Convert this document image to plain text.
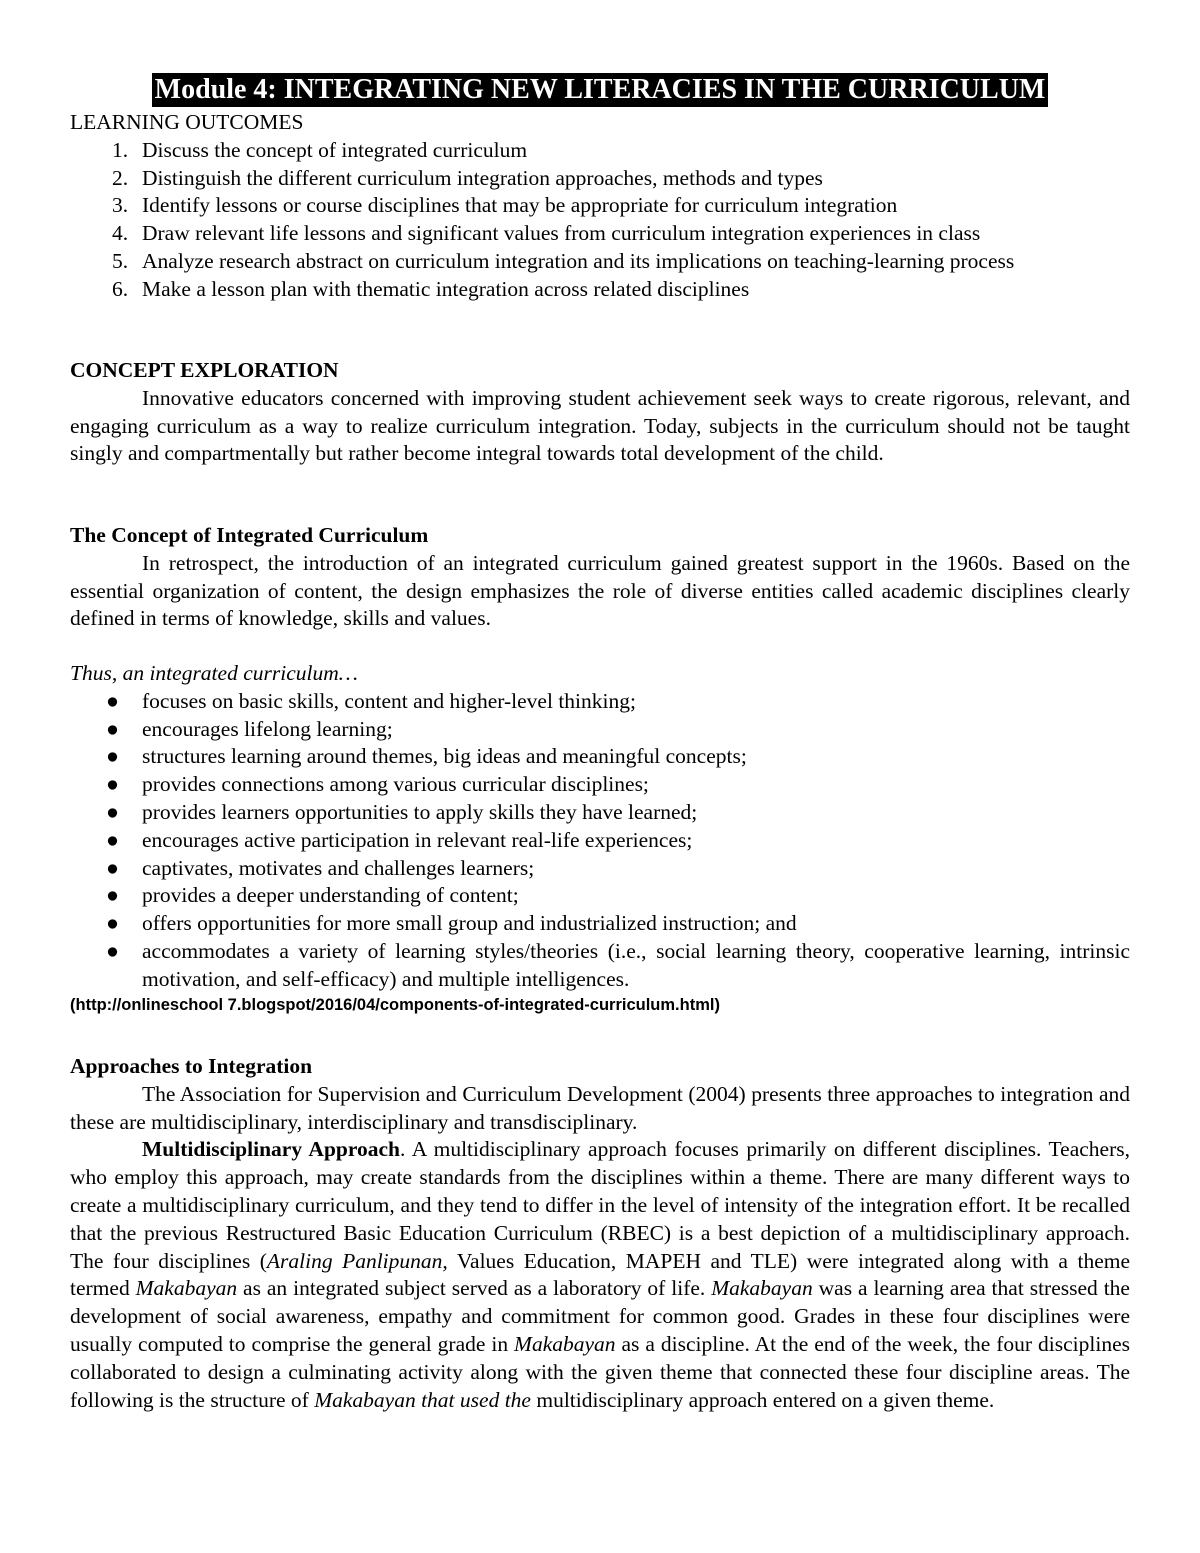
Module 4: INTEGRATING NEW LITERACIES IN THE CURRICULUM
LEARNING OUTCOMES
1. Discuss the concept of integrated curriculum
2. Distinguish the different curriculum integration approaches, methods and types
3. Identify lessons or course disciplines that may be appropriate for curriculum integration
4. Draw relevant life lessons and significant values from curriculum integration experiences in class
5. Analyze research abstract on curriculum integration and its implications on teaching-learning process
6. Make a lesson plan with thematic integration across related disciplines
CONCEPT EXPLORATION
Innovative educators concerned with improving student achievement seek ways to create rigorous, relevant, and engaging curriculum as a way to realize curriculum integration. Today, subjects in the curriculum should not be taught singly and compartmentally but rather become integral towards total development of the child.
The Concept of Integrated Curriculum
In retrospect, the introduction of an integrated curriculum gained greatest support in the 1960s. Based on the essential organization of content, the design emphasizes the role of diverse entities called academic disciplines clearly defined in terms of knowledge, skills and values.
Thus, an integrated curriculum…
● focuses on basic skills, content and higher-level thinking;
● encourages lifelong learning;
● structures learning around themes, big ideas and meaningful concepts;
● provides connections among various curricular disciplines;
● provides learners opportunities to apply skills they have learned;
● encourages active participation in relevant real-life experiences;
● captivates, motivates and challenges learners;
● provides a deeper understanding of content;
● offers opportunities for more small group and industrialized instruction; and
● accommodates a variety of learning styles/theories (i.e., social learning theory, cooperative learning, intrinsic motivation, and self-efficacy) and multiple intelligences.
(http://onlineschool 7.blogspot/2016/04/components-of-integrated-curriculum.html)
Approaches to Integration
The Association for Supervision and Curriculum Development (2004) presents three approaches to integration and these are multidisciplinary, interdisciplinary and transdisciplinary.
Multidisciplinary Approach. A multidisciplinary approach focuses primarily on different disciplines. Teachers, who employ this approach, may create standards from the disciplines within a theme. There are many different ways to create a multidisciplinary curriculum, and they tend to differ in the level of intensity of the integration effort. It be recalled that the previous Restructured Basic Education Curriculum (RBEC) is a best depiction of a multidisciplinary approach. The four disciplines (Araling Panlipunan, Values Education, MAPEH and TLE) were integrated along with a theme termed Makabayan as an integrated subject served as a laboratory of life. Makabayan was a learning area that stressed the development of social awareness, empathy and commitment for common good. Grades in these four disciplines were usually computed to comprise the general grade in Makabayan as a discipline. At the end of the week, the four disciplines collaborated to design a culminating activity along with the given theme that connected these four discipline areas. The following is the structure of Makabayan that used the multidisciplinary approach entered on a given theme.
